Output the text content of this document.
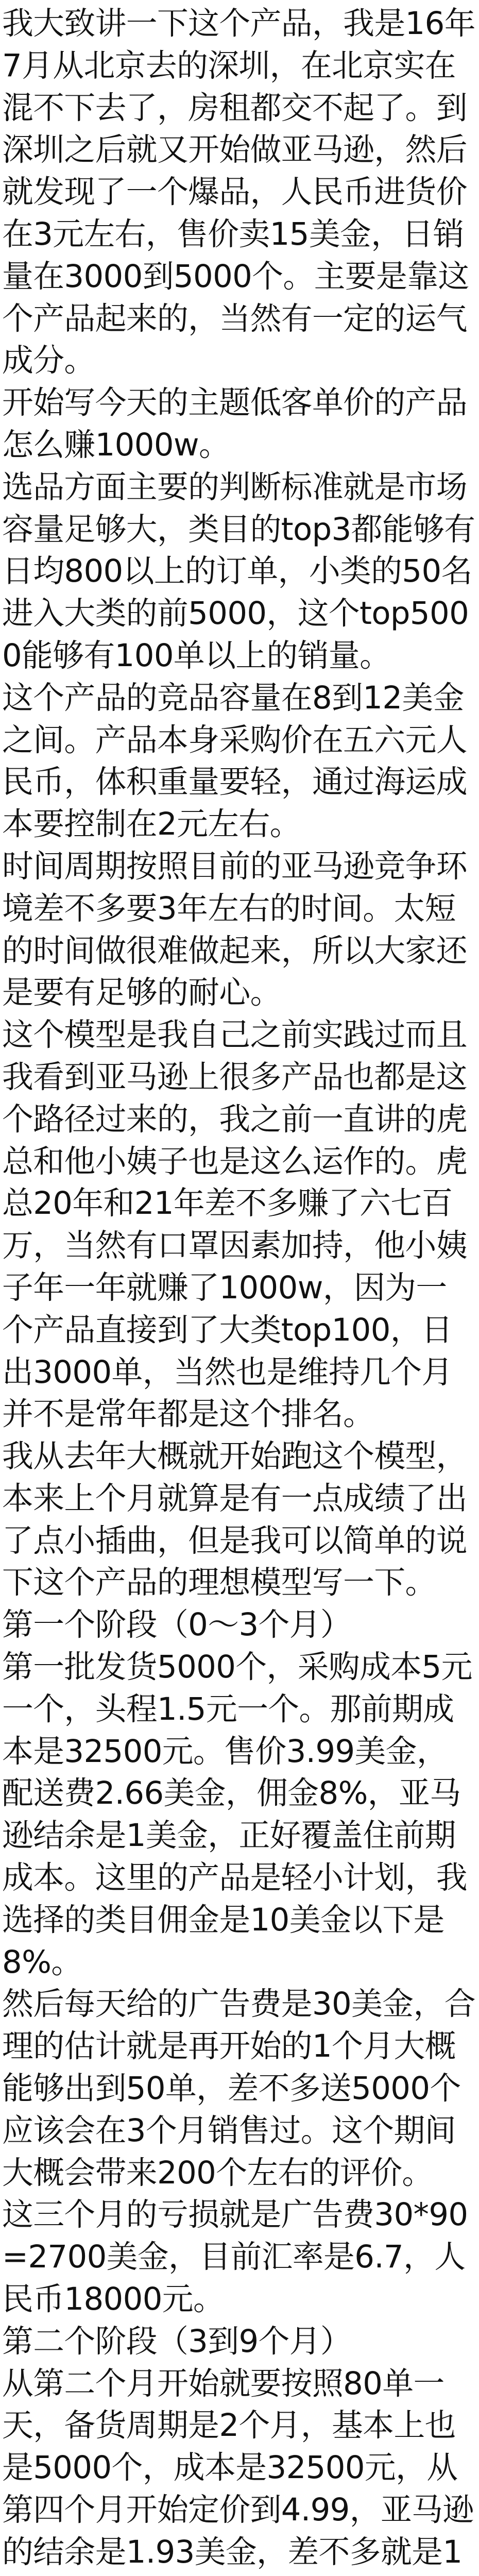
我大致讲一下这个产品，我是16年7月从北京去的深圳，在北京实在混不下去了，房租都交不起了。到深圳之后就又开始做亚马逊，然后就发现了一个爆品，人民币进货价在3元左右，售价卖15美金，日销量在3000到5000个。主要是靠这个产品起来的，当然有一定的运气成分。

开始写今天的主题低客单价的产品怎么赚1000w。

选品方面主要的判断标准就是市场容量足够大，类目的top3都能够有日均800以上的订单，小类的50名进入大类的前5000，这个top5000能够有100单以上的销量。

这个产品的竞品容量在8到12美金之间。产品本身采购价在五六元人民币，体积重量要轻，通过海运成本要控制在2元左右。

时间周期按照目前的亚马逊竞争环境差不多要3年左右的时间。太短的时间做很难做起来，所以大家还是要有足够的耐心。

这个模型是我自己之前实践过而且我看到亚马逊上很多产品也都是这个路径过来的，我之前一直讲的虎总和他小姨子也是这么运作的。虎总20年和21年差不多赚了六七百万，当然有口罩因素加持，他小姨子年一年就赚了1000w，因为一个产品直接到了大类top100，日出3000单，当然也是维持几个月并不是常年都是这个排名。

我从去年大概就开始跑这个模型，本来上个月就算是有一点成绩了出了点小插曲，但是我可以简单的说下这个产品的理想模型写一下。

第一个阶段（0～3个月）

第一批发货5000个，采购成本5元一个，头程1.5元一个。那前期成本是32500元。售价3.99美金，配送费2.66美金，佣金8%，亚马逊结余是1美金，正好覆盖住前期成本。这里的产品是轻小计划，我选择的类目佣金是10美金以下是8%。

然后每天给的广告费是30美金，合理的估计就是再开始的1个月大概能够出到50单，差不多送5000个应该会在3个月销售过。这个期间大概会带来200个左右的评价。

这三个月的亏损就是广告费30*90=2700美金，目前汇率是6.7，人民币18000元。

第二个阶段（3到9个月）

从第二个月开始就要按照80单一天，备货周期是2个月，基本上也是5000个，成本是32500元，从第四个月开始定价到4.99，亚马逊的结余是1.93美金，差不多就是1
